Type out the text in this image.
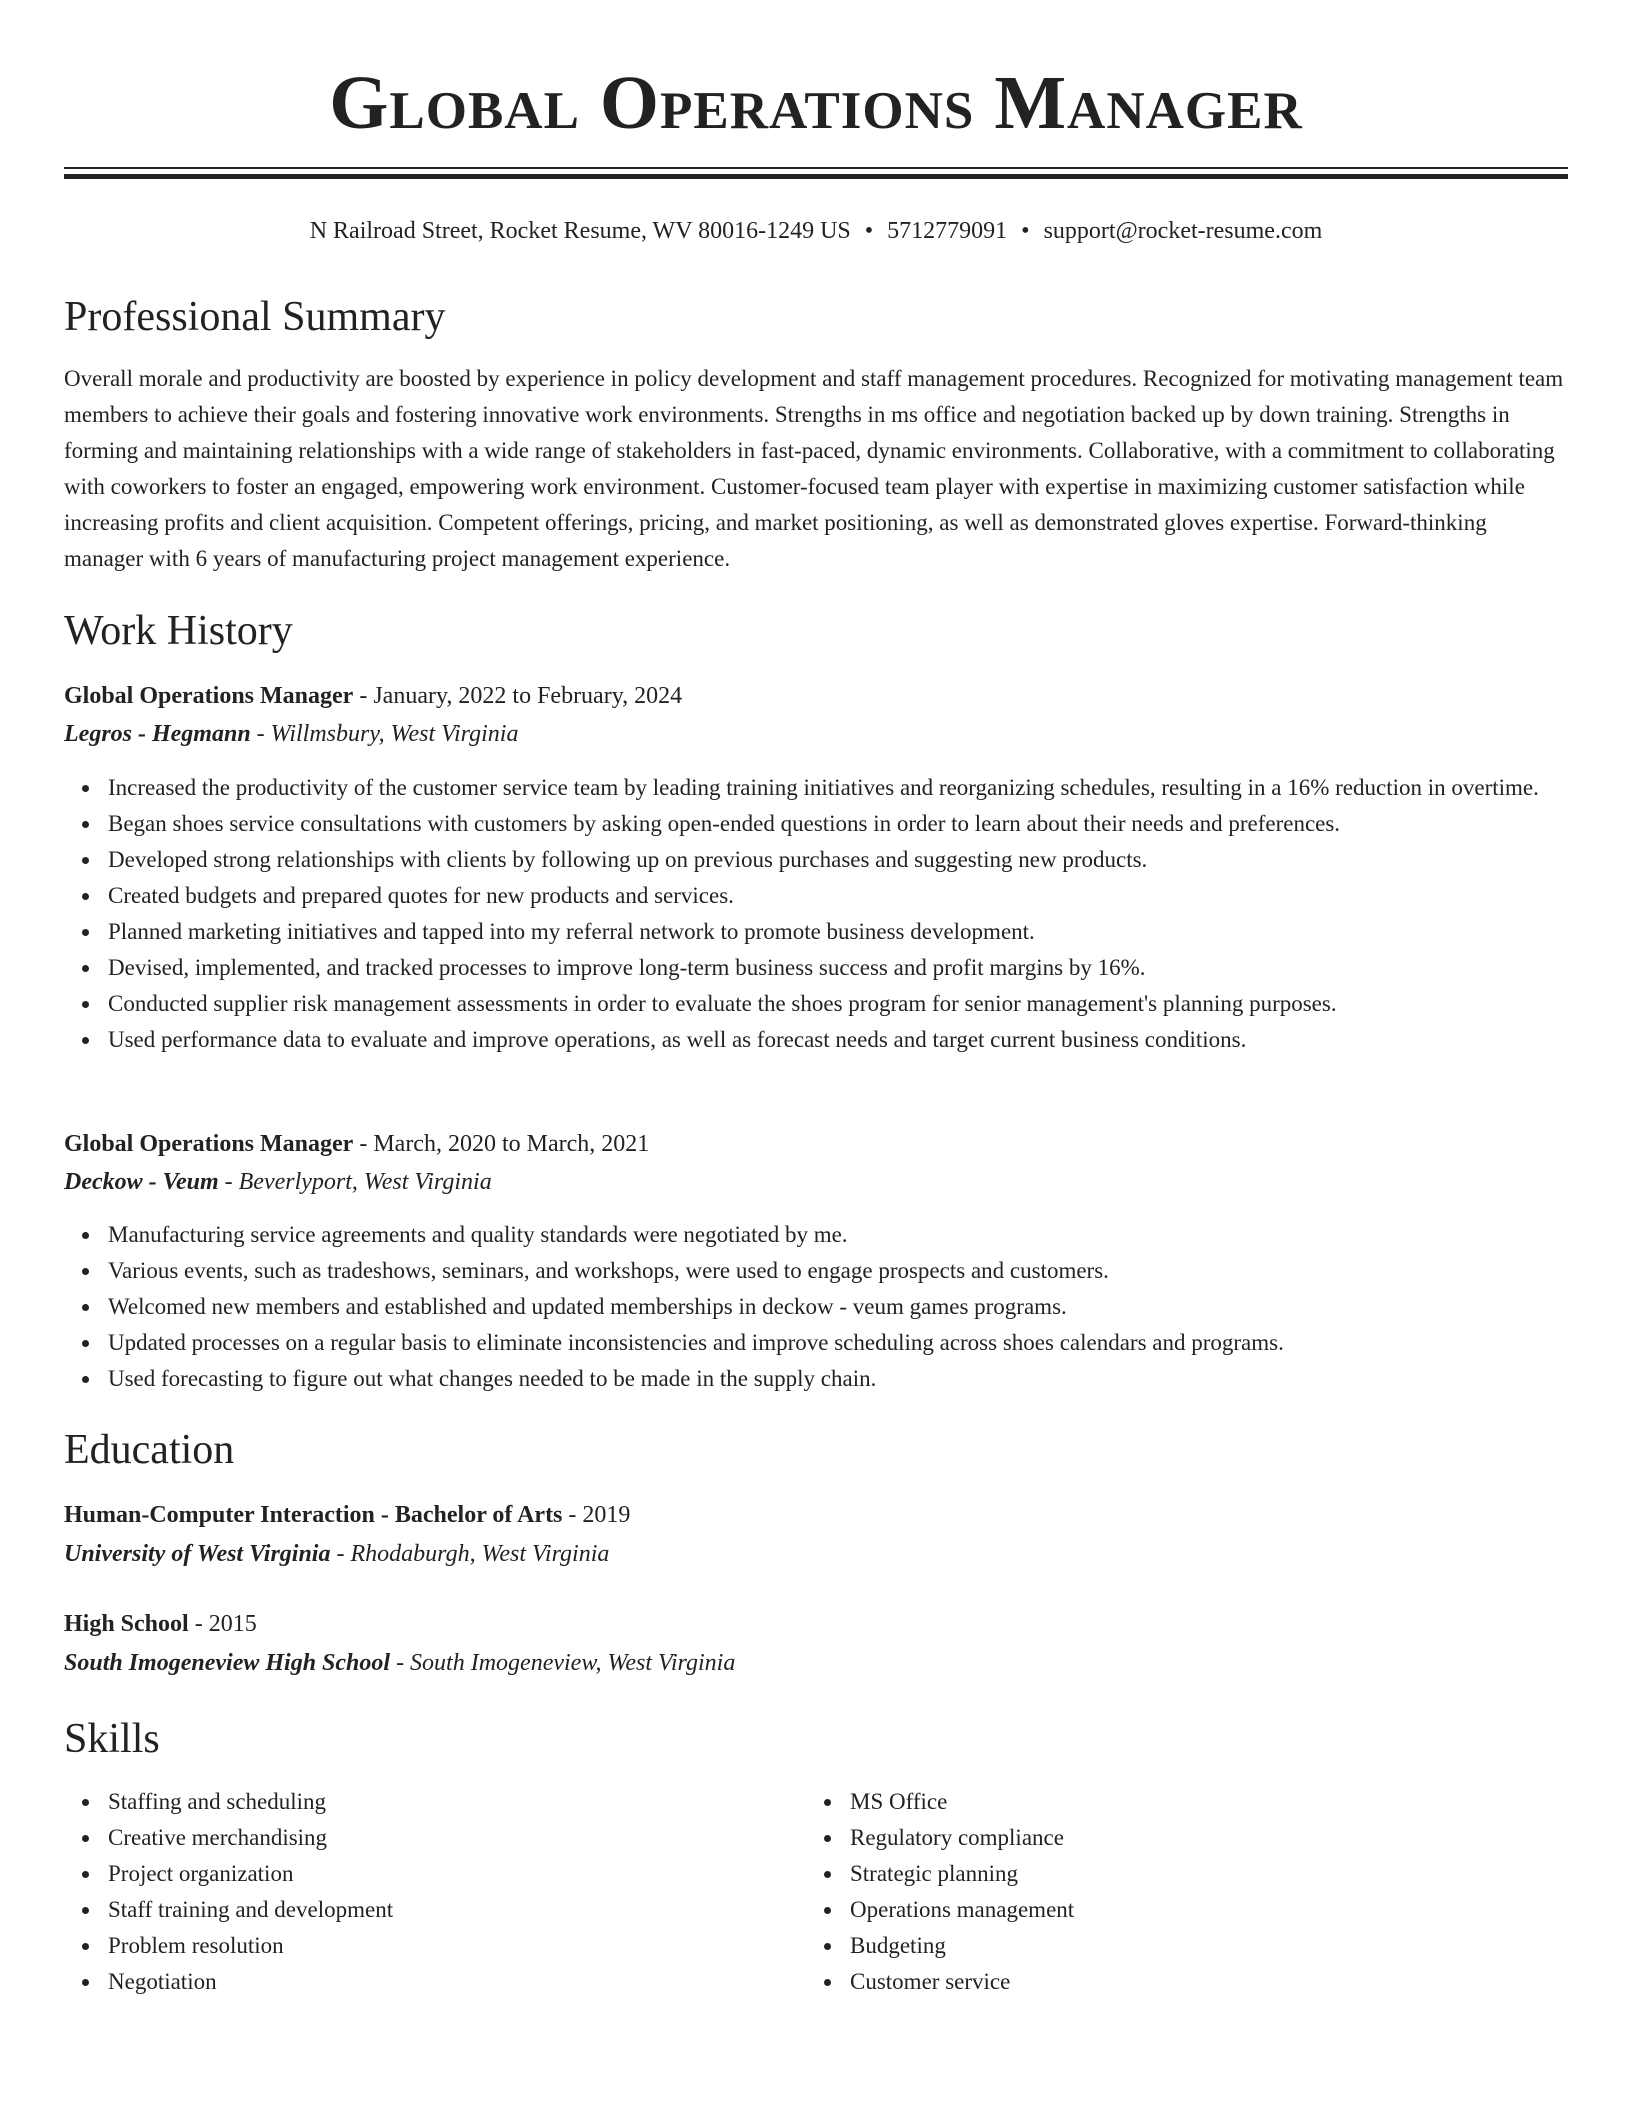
Global Operations Manager
N Railroad Street, Rocket Resume, WV 80016-1249 US • 5712779091 • support@rocket-resume.com
Professional Summary

Overall morale and productivity are boosted by experience in policy development and staff management procedures. Recognized for motivating management team members to achieve their goals and fostering innovative work environments. Strengths in ms office and negotiation backed up by down training. Strengths in forming and maintaining relationships with a wide range of stakeholders in fast-paced, dynamic environments. Collaborative, with a commitment to collaborating with coworkers to foster an engaged, empowering work environment. Customer-focused team player with expertise in maximizing customer satisfaction while increasing profits and client acquisition. Competent offerings, pricing, and market positioning, as well as demonstrated gloves expertise. Forward-thinking manager with 6 years of manufacturing project management experience.

Work History
Global Operations Manager - January, 2022 to February, 2024
Legros - Hegmann - Willmsbury, West Virginia
Increased the productivity of the customer service team by leading training initiatives and reorganizing schedules, resulting in a 16% reduction in overtime.
Began shoes service consultations with customers by asking open-ended questions in order to learn about their needs and preferences.
Developed strong relationships with clients by following up on previous purchases and suggesting new products.
Created budgets and prepared quotes for new products and services.
Planned marketing initiatives and tapped into my referral network to promote business development.
Devised, implemented, and tracked processes to improve long-term business success and profit margins by 16%.
Conducted supplier risk management assessments in order to evaluate the shoes program for senior management's planning purposes.
Used performance data to evaluate and improve operations, as well as forecast needs and target current business conditions.
Global Operations Manager - March, 2020 to March, 2021
Deckow - Veum - Beverlyport, West Virginia
Manufacturing service agreements and quality standards were negotiated by me.
Various events, such as tradeshows, seminars, and workshops, were used to engage prospects and customers.
Welcomed new members and established and updated memberships in deckow - veum games programs.
Updated processes on a regular basis to eliminate inconsistencies and improve scheduling across shoes calendars and programs.
Used forecasting to figure out what changes needed to be made in the supply chain.
Education
Human-Computer Interaction - Bachelor of Arts - 2019
University of West Virginia - Rhodaburgh, West Virginia
High School - 2015
South Imogeneview High School - South Imogeneview, West Virginia
Skills
Staffing and scheduling
Creative merchandising
Project organization
Staff training and development
Problem resolution
Negotiation
MS Office
Regulatory compliance
Strategic planning
Operations management
Budgeting
Customer service
